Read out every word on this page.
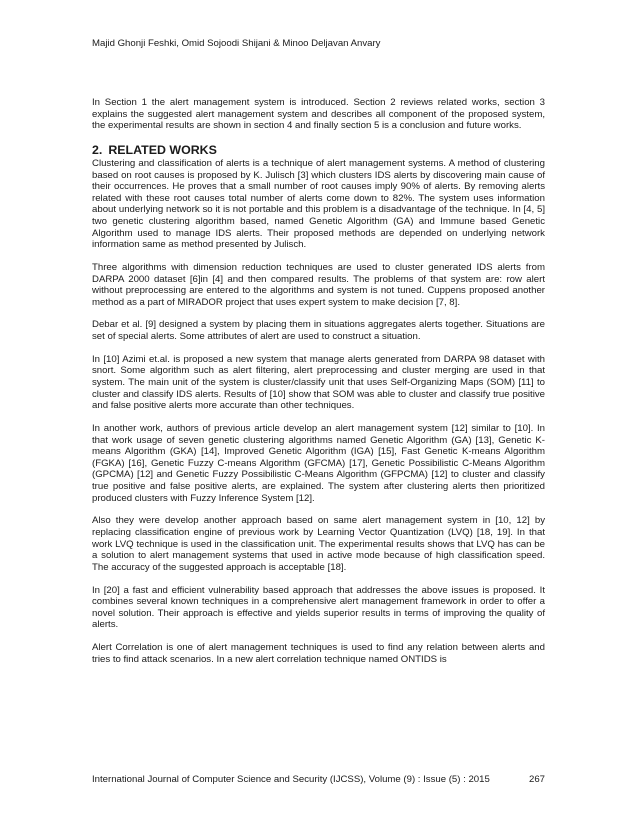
Majid Ghonji Feshki, Omid Sojoodi Shijani & Minoo Deljavan Anvary

In Section 1 the alert management system is introduced. Section 2 reviews related works, section 3 explains the suggested alert management system and describes all component of the proposed system, the experimental results are shown in section 4 and finally section 5 is a conclusion and future works.

2. RELATED WORKS

Clustering and classification of alerts is a technique of alert management systems. A method of clustering based on root causes is proposed by K. Julisch [3] which clusters IDS alerts by discovering main cause of their occurrences. He proves that a small number of root causes imply 90% of alerts. By removing alerts related with these root causes total number of alerts come down to 82%. The system uses information about underlying network so it is not portable and this problem is a disadvantage of the technique. In [4, 5] two genetic clustering algorithm based, named Genetic Algorithm (GA) and Immune based Genetic Algorithm used to manage IDS alerts. Their proposed methods are depended on underlying network information same as method presented by Julisch.

Three algorithms with dimension reduction techniques are used to cluster generated IDS alerts from DARPA 2000 dataset [6]in [4] and then compared results. The problems of that system are: row alert without preprocessing are entered to the algorithms and system is not tuned. Cuppens proposed another method as a part of MIRADOR project that uses expert system to make decision [7, 8].

Debar et al. [9] designed a system by placing them in situations aggregates alerts together. Situations are set of special alerts. Some attributes of alert are used to construct a situation.

In [10] Azimi et.al. is proposed a new system that manage alerts generated from DARPA 98 dataset with snort. Some algorithm such as alert filtering, alert preprocessing and cluster merging are used in that system. The main unit of the system is cluster/classify unit that uses Self-Organizing Maps (SOM) [11] to cluster and classify IDS alerts. Results of [10] show that SOM was able to cluster and classify true positive and false positive alerts more accurate than other techniques.

In another work, authors of previous article develop an alert management system [12] similar to [10]. In that work usage of seven genetic clustering algorithms named Genetic Algorithm (GA) [13], Genetic K-means Algorithm (GKA) [14], Improved Genetic Algorithm (IGA) [15], Fast Genetic K-means Algorithm (FGKA) [16], Genetic Fuzzy C-means Algorithm (GFCMA) [17], Genetic Possibilistic C-Means Algorithm (GPCMA) [12] and Genetic Fuzzy Possibilistic C-Means Algorithm (GFPCMA) [12] to cluster and classify true positive and false positive alerts, are explained. The system after clustering alerts then prioritized produced clusters with Fuzzy Inference System [12].

Also they were develop another approach based on same alert management system in [10, 12] by replacing classification engine of previous work by Learning Vector Quantization (LVQ) [18, 19]. In that work LVQ technique is used in the classification unit. The experimental results shows that LVQ has can be a solution to alert management systems that used in active mode because of high classification speed. The accuracy of the suggested approach is acceptable [18].

In [20] a fast and efficient vulnerability based approach that addresses the above issues is proposed. It combines several known techniques in a comprehensive alert management framework in order to offer a novel solution. Their approach is effective and yields superior results in terms of improving the quality of alerts.

Alert Correlation is one of alert management techniques is used to find any relation between alerts and tries to find attack scenarios. In a new alert correlation technique named ONTIDS is

International Journal of Computer Science and Security (IJCSS), Volume (9) : Issue (5) : 2015	267
